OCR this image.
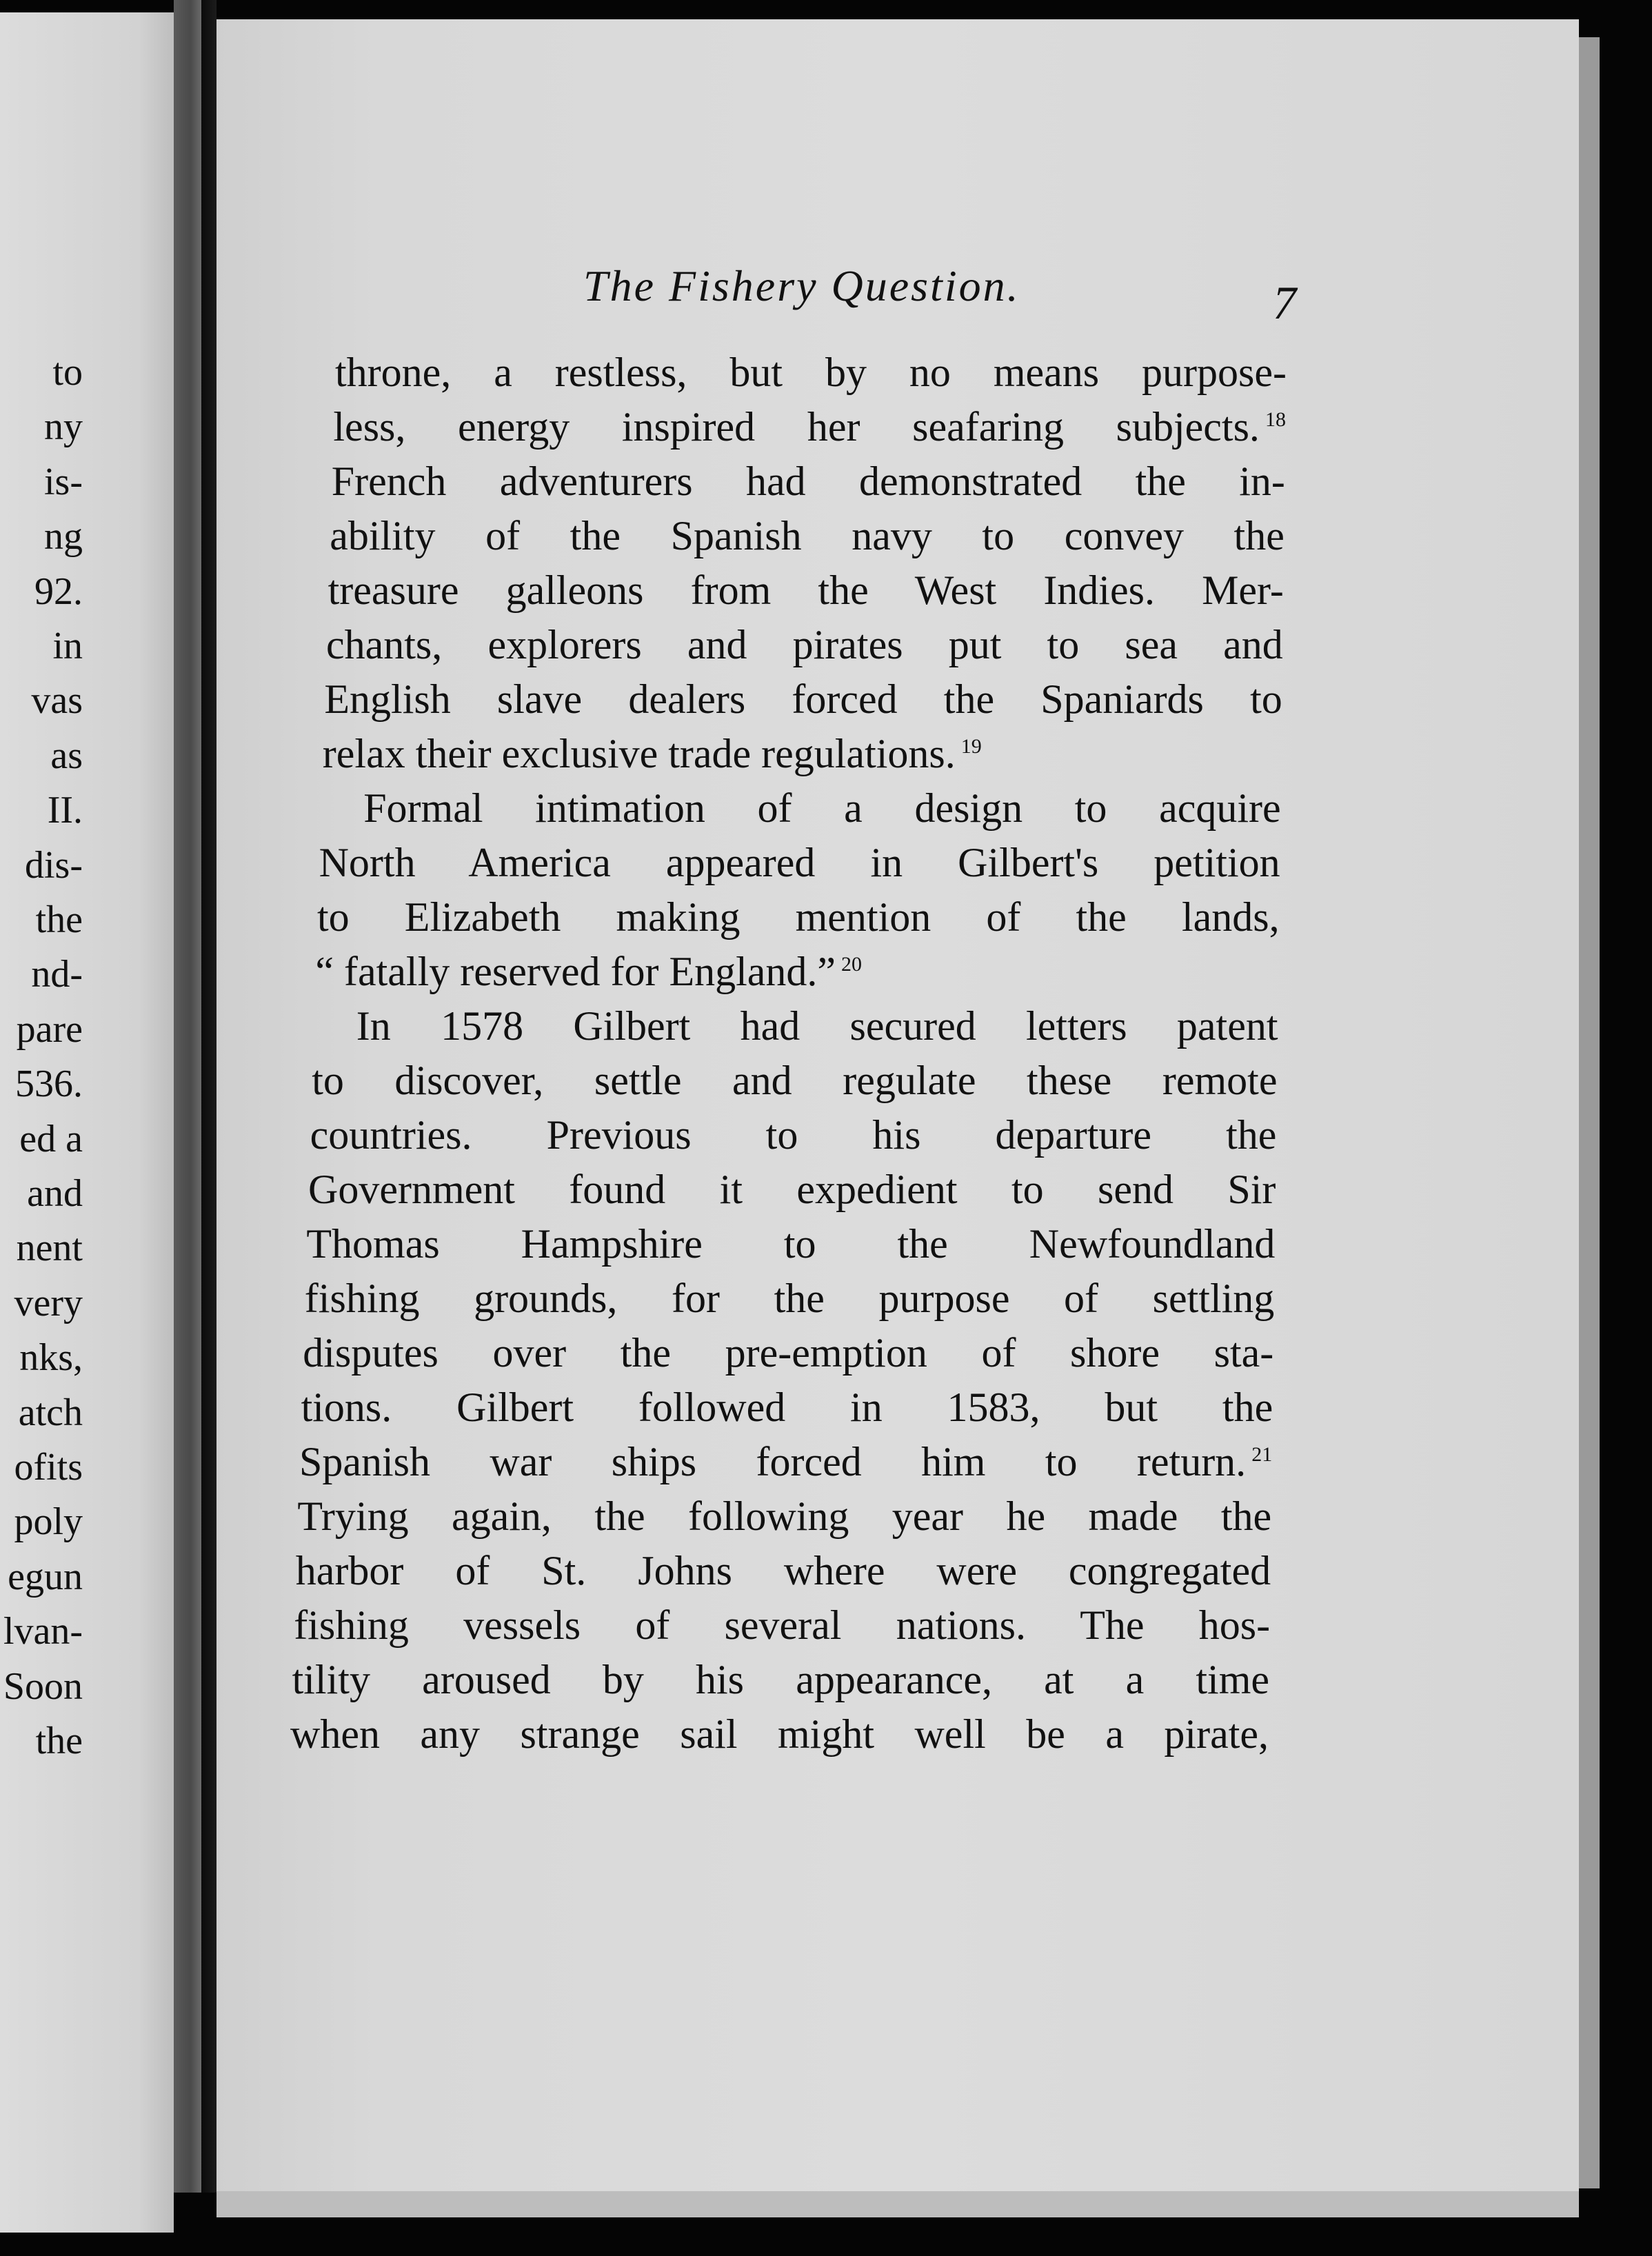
to
ny
is-
ng
92.
in
vas
as
II.
dis-
the
nd-
pare
536.
ed a
and
nent
very
nks,
atch
ofits
poly
egun
lvan-
Soon
the
The Fishery Question.	7
throne, a restless, but by no means purpose-
less, energy inspired her seafaring subjects. $^{18}$
French adventurers had demonstrated the in-
ability of the Spanish navy to convey the
treasure galleons from the West Indies. Mer-
chants, explorers and pirates put to sea and
English slave dealers forced the Spaniards to
relax their exclusive trade regulations. $^{19}$
Formal intimation of a design to acquire
North America appeared in Gilbert's petition
to Elizabeth making mention of the lands,
“ fatally reserved for England.” $^{20}$
In 1578 Gilbert had secured letters patent
to discover, settle and regulate these remote
countries. Previous to his departure the
Government found it expedient to send Sir
Thomas Hampshire to the Newfoundland
fishing grounds, for the purpose of settling
disputes over the pre-emption of shore sta-
tions. Gilbert followed in 1583, but the
Spanish war ships forced him to return. $^{21}$
Trying again, the following year he made the
harbor of St. Johns where were congregated
fishing vessels of several nations. The hos-
tility aroused by his appearance, at a time
when any strange sail might well be a pirate,
